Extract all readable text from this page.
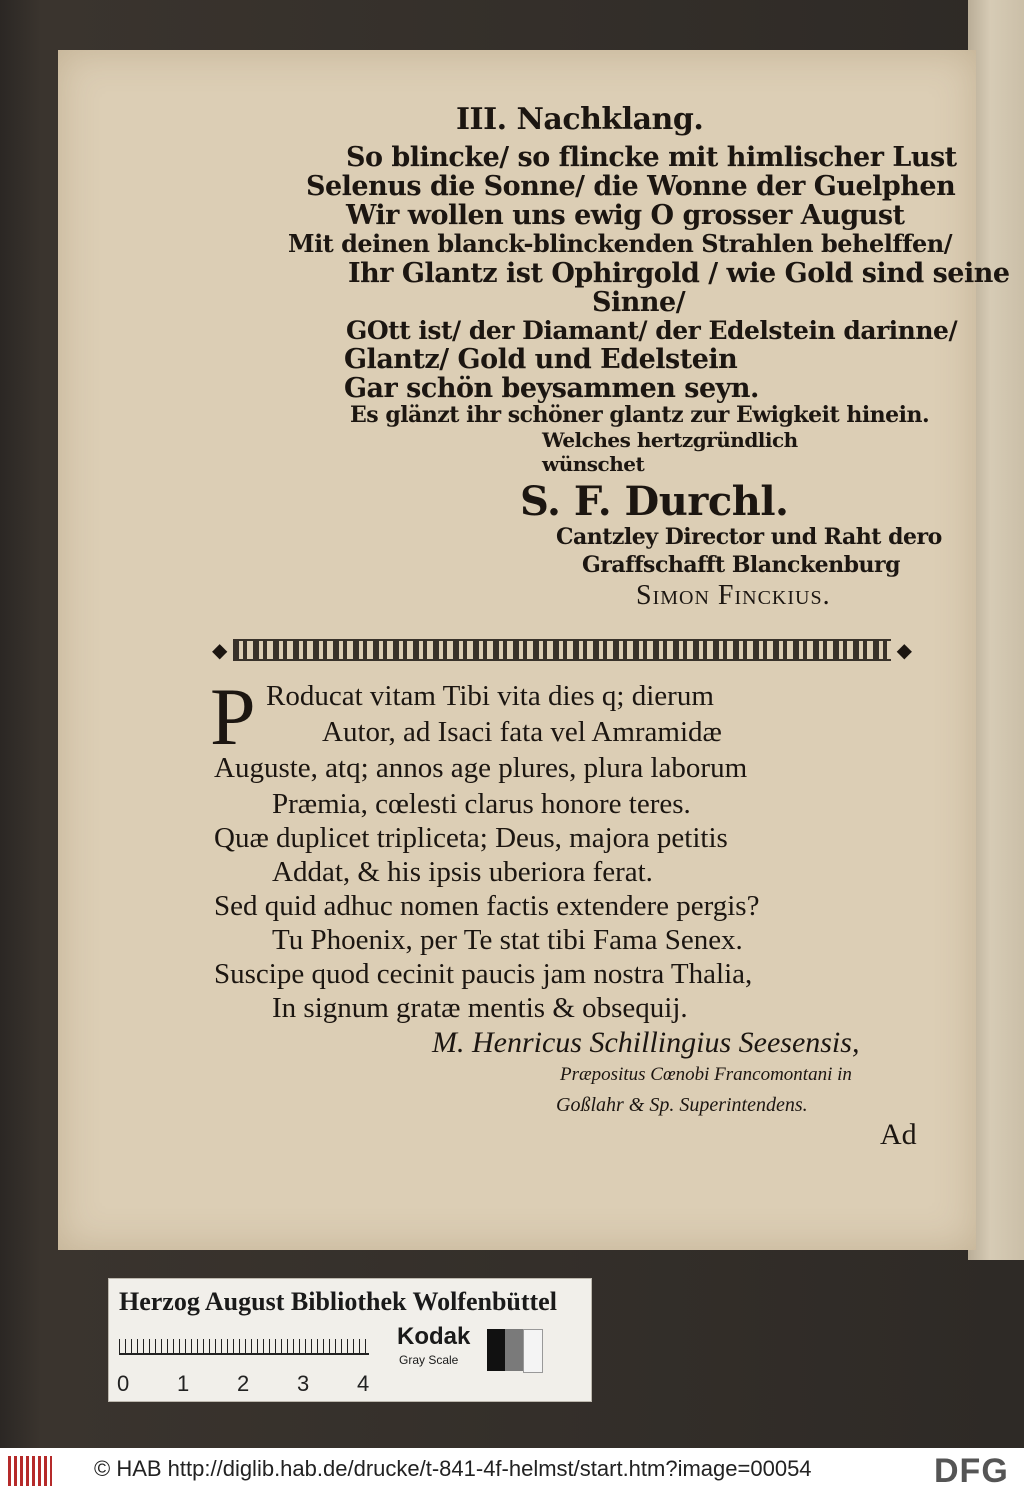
III. Nachklang.
So blincke/ so flincke mit himlischer Lust
Selenus die Sonne/ die Wonne der Guelphen
Wir wollen uns ewig O grosser August
Mit deinen blanck-blinckenden Strahlen behelffen/
Ihr Glantz ist Ophirgold / wie Gold sind seine
Sinne/
GOtt ist/ der Diamant/ der Edelstein darinne/
Glantz/ Gold und Edelstein
Gar schön beysammen seyn.
Es glänzt ihr schöner glantz zur Ewigkeit hinein.
Welches hertzgründlich
wünschet
S. F. Durchl.
Cantzley Director und Raht dero
Graffschafft Blanckenburg
Simon Finckius.
◆	◆
P Roducat vitam Tibi vita dies q; dierum
Autor, ad Isaci fata vel Amramidæ
Auguste, atq; annos age plures, plura laborum
Præmia, cœlesti clarus honore teres.
Quæ duplicet tripliceta; Deus, majora petitis
Addat, & his ipsis uberiora ferat.
Sed quid adhuc nomen factis extendere pergis?
Tu Phoenix, per Te stat tibi Fama Senex.
Suscipe quod cecinit paucis jam nostra Thalia,
In signum gratæ mentis & obsequij.
M. Henricus Schillingius Seesensis,
Præpositus Cœnobi Francomontani in
Goßlahr & Sp. Superintendens.
Ad
Herzog August Bibliothek Wolfenbüttel
0 1 2 3 4
Kodak
Gray Scale
© HAB http://diglib.hab.de/drucke/t-841-4f-helmst/start.htm?image=00054	DFG
